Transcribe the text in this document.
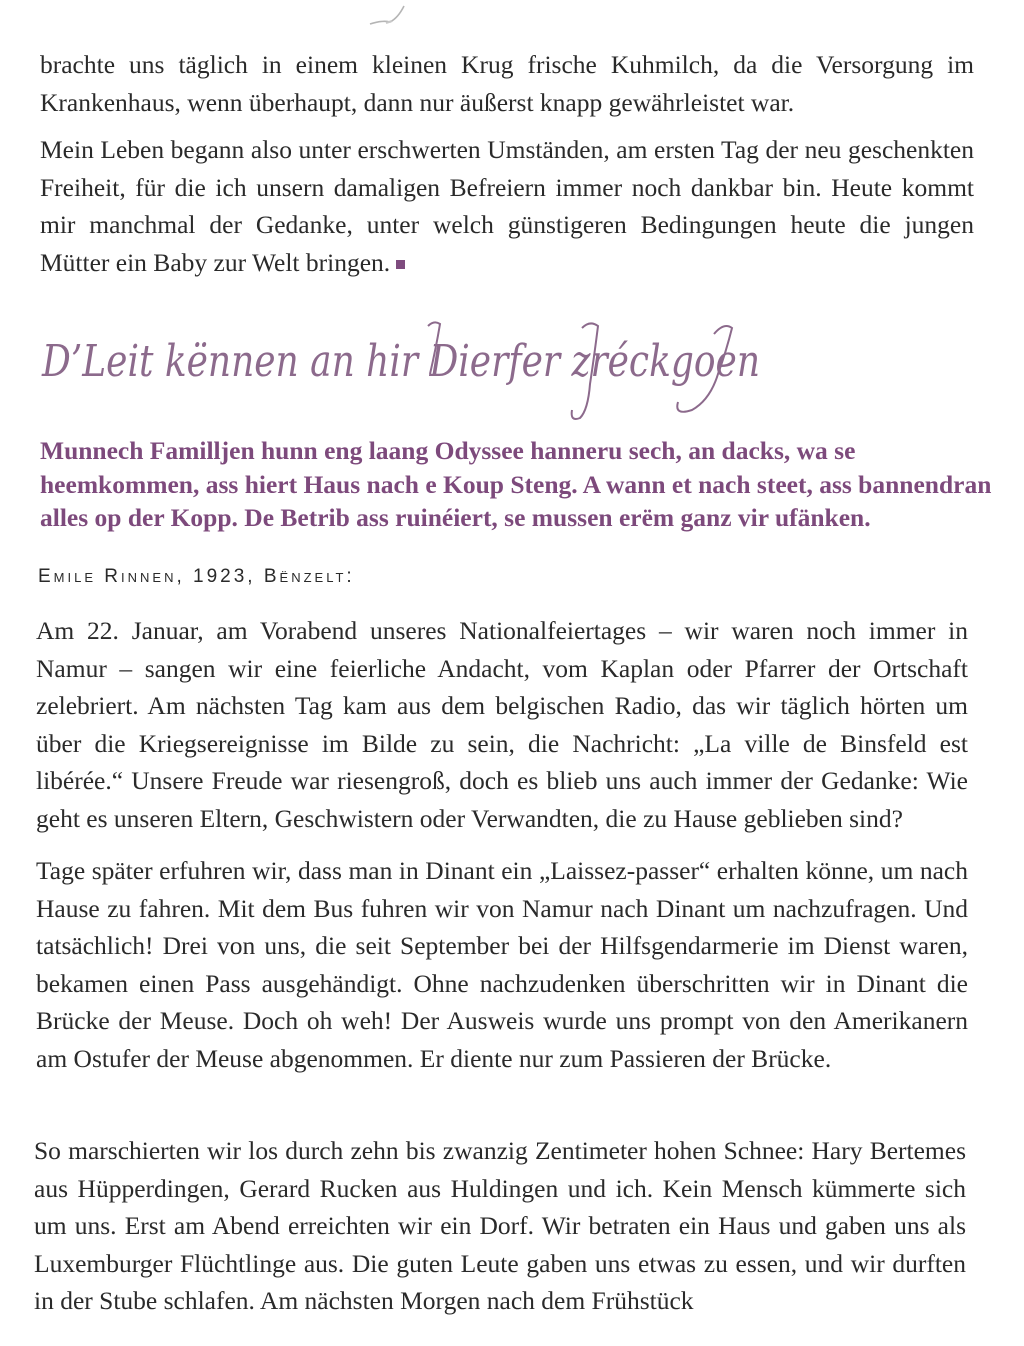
brachte uns täglich in einem kleinen Krug frische Kuhmilch, da die Versorgung im Krankenhaus, wenn überhaupt, dann nur äußerst knapp gewährleistet war.

Mein Leben begann also unter erschwerten Umständen, am ersten Tag der neu geschenkten Freiheit, für die ich unsern damaligen Befreiern immer noch dankbar bin. Heute kommt mir manchmal der Gedanke, unter welch günstigeren Bedingungen heute die jungen Mütter ein Baby zur Welt bringen.

D’Leit kënnen an hir Dierfer zréckgoen

Munnech Familljen hunn eng laang Odyssee hanneru sech, an dacks, wa se
heemkommen, ass hiert Haus nach e Koup Steng. A wann et nach steet, ass bannendran
alles op der Kopp. De Betrib ass ruinéiert, se mussen erëm ganz vir ufänken.

Emile Rinnen, 1923, Bënzelt:

Am 22. Januar, am Vorabend unseres Nationalfeiertages – wir waren noch immer in Namur – sangen wir eine feierliche Andacht, vom Kaplan oder Pfarrer der Ortschaft zelebriert. Am nächsten Tag kam aus dem belgischen Radio, das wir täglich hörten um über die Kriegsereignisse im Bilde zu sein, die Nachricht: „La ville de Binsfeld est libérée.“ Unsere Freude war riesengroß, doch es blieb uns auch immer der Gedanke: Wie geht es unseren Eltern, Geschwistern oder Verwandten, die zu Hause geblieben sind?

Tage später erfuhren wir, dass man in Dinant ein „Laissez-passer“ erhalten könne, um nach Hause zu fahren. Mit dem Bus fuhren wir von Namur nach Dinant um nachzufragen. Und tatsächlich! Drei von uns, die seit September bei der Hilfsgendarmerie im Dienst waren, bekamen einen Pass ausgehändigt. Ohne nachzudenken überschritten wir in Dinant die Brücke der Meuse. Doch oh weh! Der Ausweis wurde uns prompt von den Amerikanern am Ostufer der Meuse abgenommen. Er diente nur zum Passieren der Brücke.

So marschierten wir los durch zehn bis zwanzig Zentimeter hohen Schnee: Hary Bertemes aus Hüpperdingen, Gerard Rucken aus Huldingen und ich. Kein Mensch kümmerte sich um uns. Erst am Abend erreichten wir ein Dorf. Wir betraten ein Haus und gaben uns als Luxemburger Flüchtlinge aus. Die guten Leute gaben uns etwas zu essen, und wir durften in der Stube schlafen. Am nächsten Morgen nach dem Frühstück
